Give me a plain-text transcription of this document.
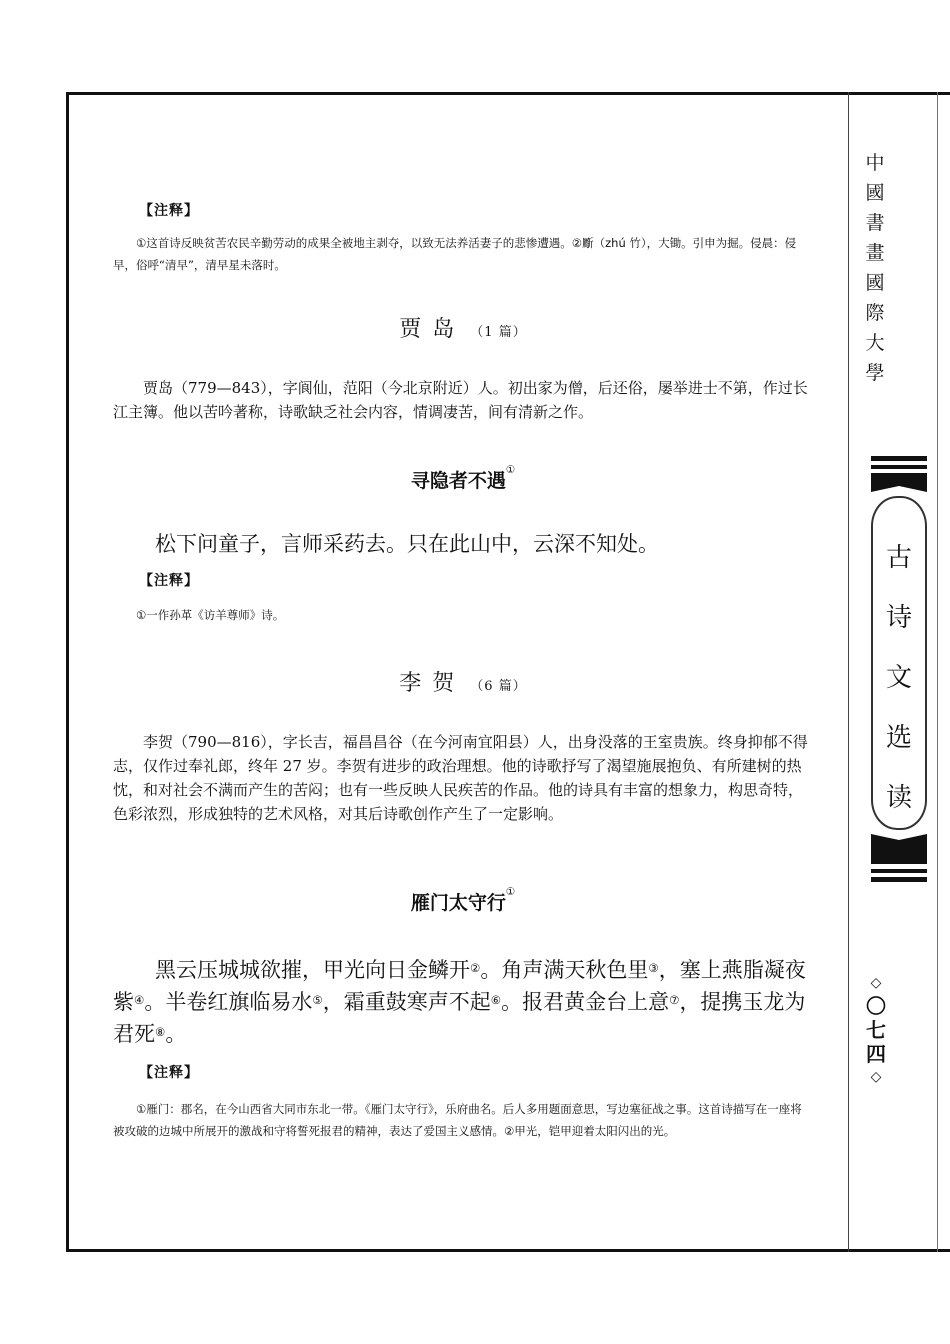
【注释】
①这首诗反映贫苦农民辛勤劳动的成果全被地主剥夺，以致无法养活妻子的悲惨遭遇。②斸（zhú 竹），大锄。引申为掘。侵晨：侵早，俗呼“清早”，清早星未落时。
贾 岛 （1 篇）
贾岛（779—843），字阆仙，范阳（今北京附近）人。初出家为僧，后还俗，屡举进士不第，作过长江主簿。他以苦吟著称，诗歌缺乏社会内容，情调凄苦，间有清新之作。
寻隐者不遇①
松下问童子，言师采药去。只在此山中，云深不知处。
【注释】
①一作孙革《访羊尊师》诗。
李 贺 （6 篇）
李贺（790—816），字长吉，福昌昌谷（在今河南宜阳县）人，出身没落的王室贵族。终身抑郁不得志，仅作过奉礼郎，终年 27 岁。李贺有进步的政治理想。他的诗歌抒写了渴望施展抱负、有所建树的热忱，和对社会不满而产生的苦闷；也有一些反映人民疾苦的作品。他的诗具有丰富的想象力，构思奇特，色彩浓烈，形成独特的艺术风格，对其后诗歌创作产生了一定影响。
雁门太守行①
黑云压城城欲摧，甲光向日金鳞开②。角声满天秋色里③，塞上燕脂凝夜紫④。半卷红旗临易水⑤，霜重鼓寒声不起⑥。报君黄金台上意⑦，提携玉龙为君死⑧。
【注释】
①雁门：郡名，在今山西省大同市东北一带。《雁门太守行》，乐府曲名。后人多用题面意思，写边塞征战之事。这首诗描写在一座将被攻破的边城中所展开的激战和守将誓死报君的精神，表达了爱国主义感情。②甲光，铠甲迎着太阳闪出的光。
中國書畫國際大學
古诗文选读
◇
〇七四
◇
